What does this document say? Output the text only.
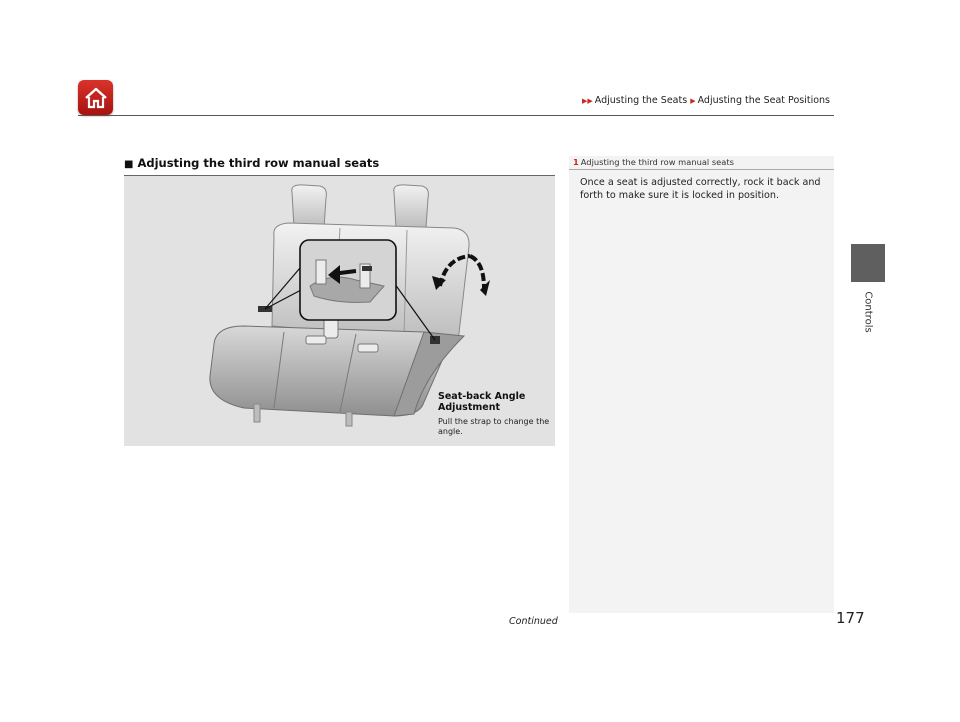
▶▶ Adjusting the Seats ▶ Adjusting the Seat Positions
Controls
■ Adjusting the third row manual seats
Seat-back Angle Adjustment
Pull the strap to change the angle.
1 Adjusting the third row manual seats
Once a seat is adjusted correctly, rock it back and forth to make sure it is locked in position.
Continued	177
